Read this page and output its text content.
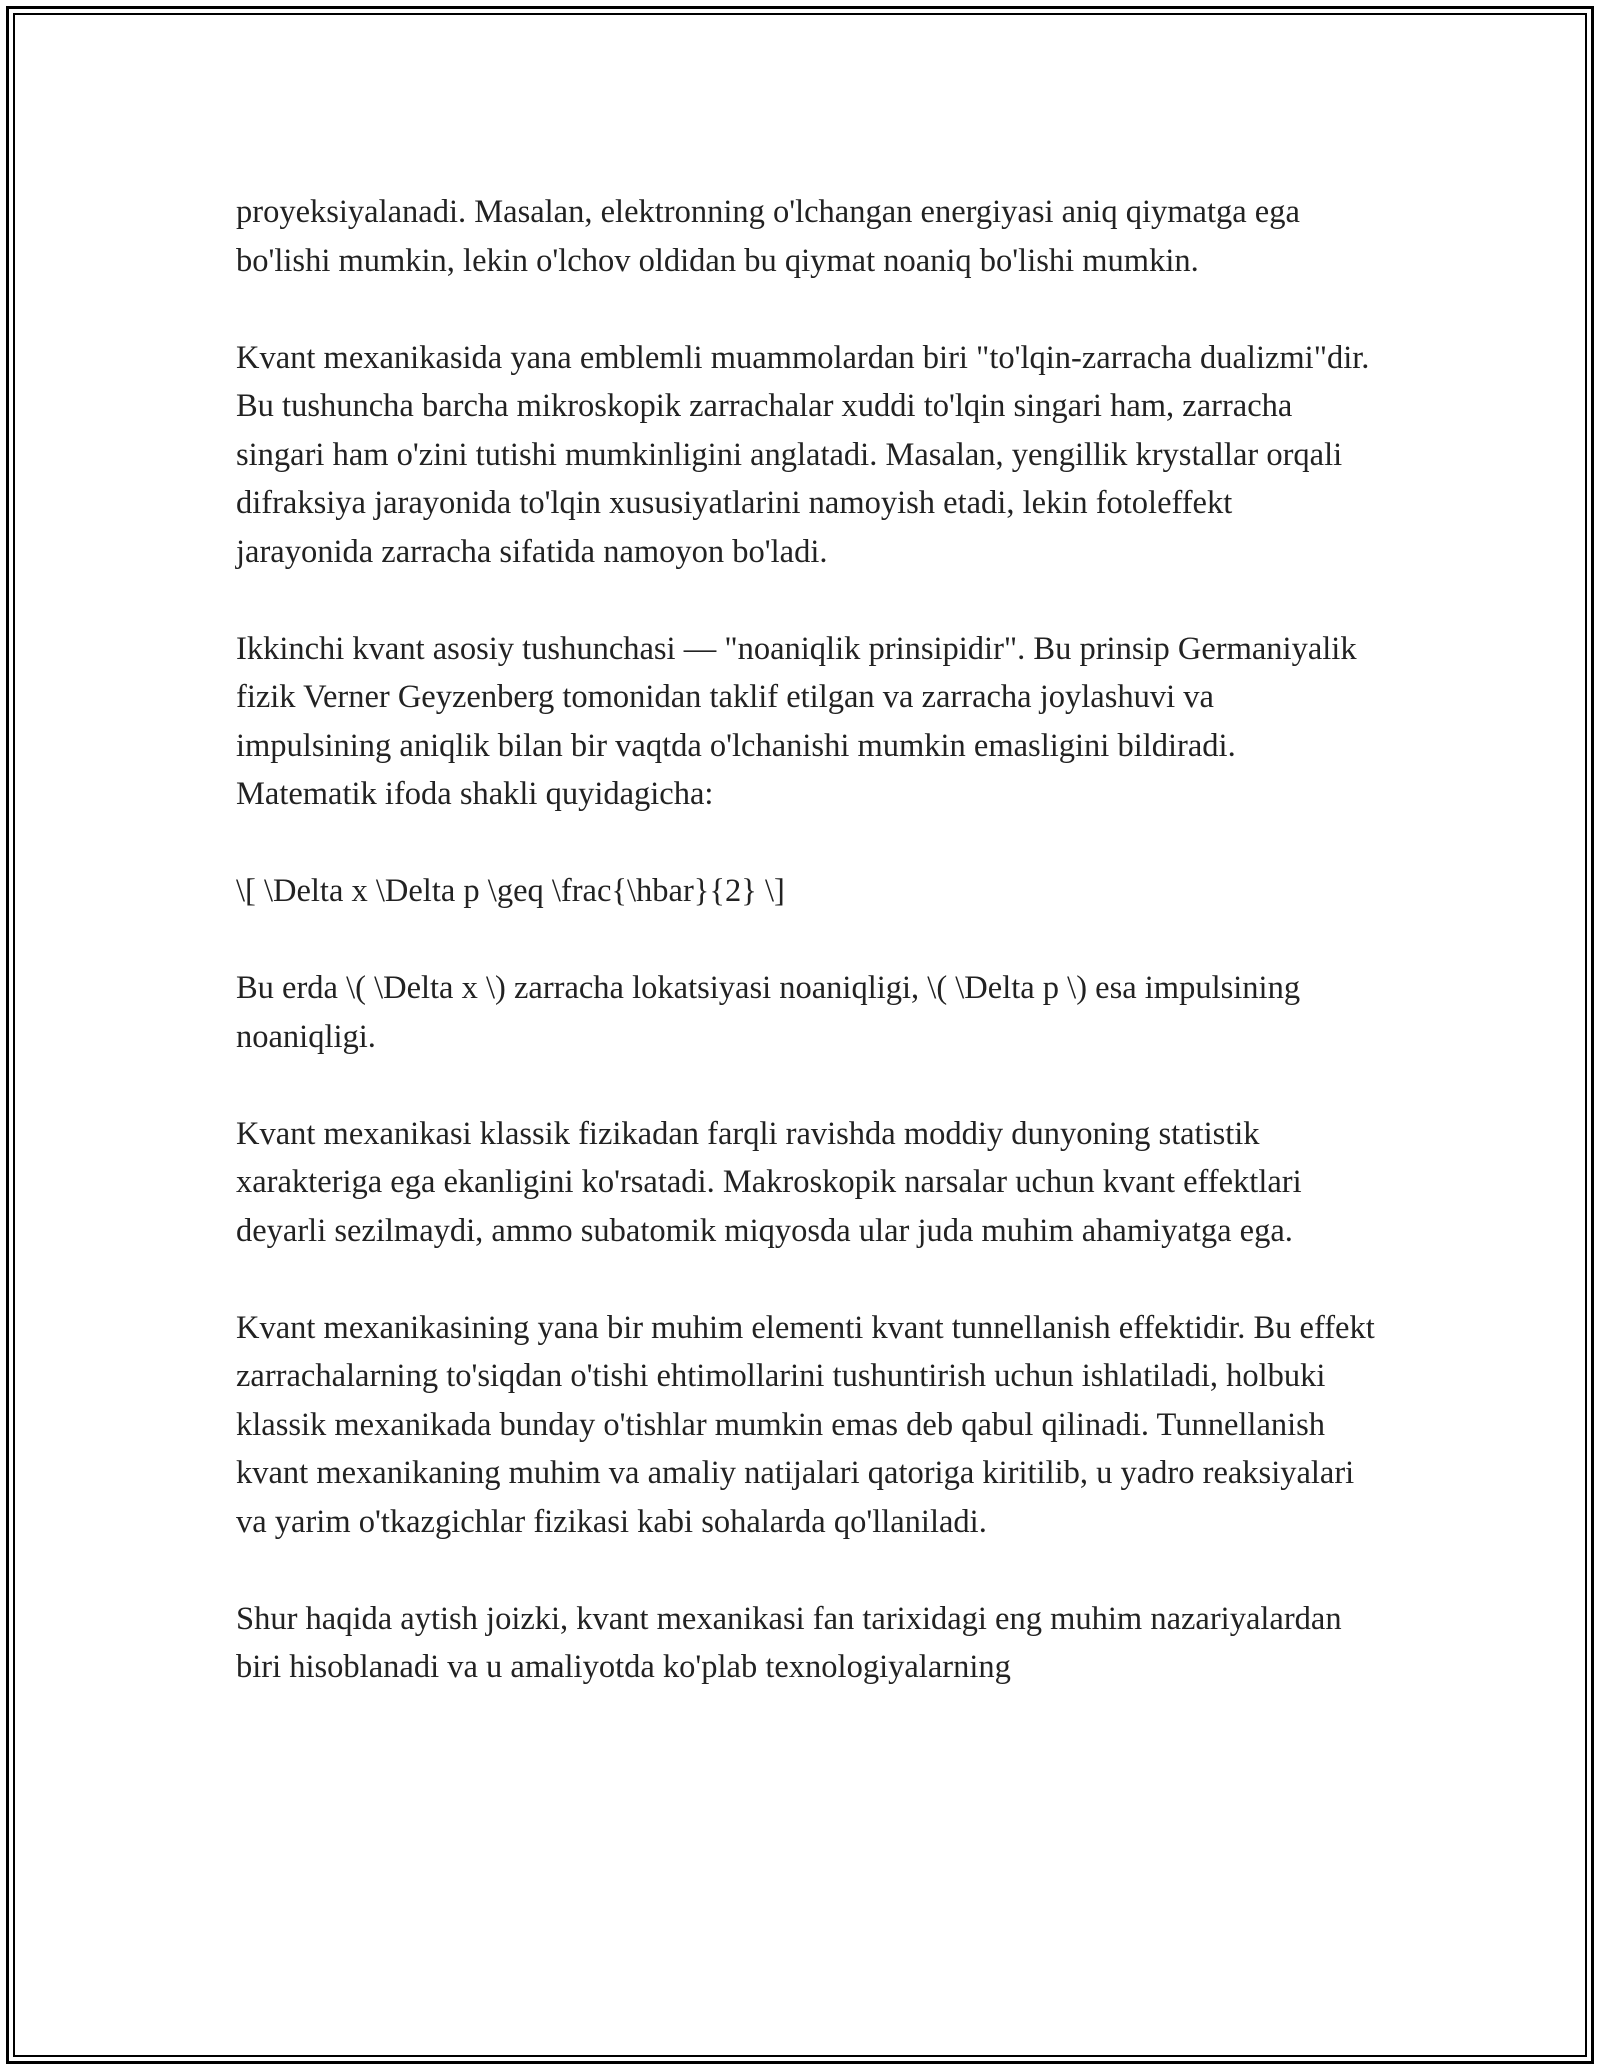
proyeksiyalanadi. Masalan, elektronning o'lchangan energiyasi aniq qiymatga ega bo'lishi mumkin, lekin o'lchov oldidan bu qiymat noaniq bo'lishi mumkin.

Kvant mexanikasida yana emblemli muammolardan biri "to'lqin-zarracha dualizmi"dir. Bu tushuncha barcha mikroskopik zarrachalar xuddi to'lqin singari ham, zarracha singari ham o'zini tutishi mumkinligini anglatadi. Masalan, yengillik krystallar orqali difraksiya jarayonida to'lqin xususiyatlarini namoyish etadi, lekin fotoleffekt jarayonida zarracha sifatida namoyon bo'ladi.

Ikkinchi kvant asosiy tushunchasi — "noaniqlik prinsipidir". Bu prinsip Germaniyalik fizik Verner Geyzenberg tomonidan taklif etilgan va zarracha joylashuvi va impulsining aniqlik bilan bir vaqtda o'lchanishi mumkin emasligini bildiradi. Matematik ifoda shakli quyidagicha:

\[ \Delta x \Delta p \geq \frac{\hbar}{2} \]

Bu erda \( \Delta x \) zarracha lokatsiyasi noaniqligi, \( \Delta p \) esa impulsining noaniqligi.

Kvant mexanikasi klassik fizikadan farqli ravishda moddiy dunyoning statistik xarakteriga ega ekanligini ko'rsatadi. Makroskopik narsalar uchun kvant effektlari deyarli sezilmaydi, ammo subatomik miqyosda ular juda muhim ahamiyatga ega.

Kvant mexanikasining yana bir muhim elementi kvant tunnellanish effektidir. Bu effekt zarrachalarning to'siqdan o'tishi ehtimollarini tushuntirish uchun ishlatiladi, holbuki klassik mexanikada bunday o'tishlar mumkin emas deb qabul qilinadi. Tunnellanish kvant mexanikaning muhim va amaliy natijalari qatoriga kiritilib, u yadro reaksiyalari va yarim o'tkazgichlar fizikasi kabi sohalarda qo'llaniladi.

Shur haqida aytish joizki, kvant mexanikasi fan tarixidagi eng muhim nazariyalardan biri hisoblanadi va u amaliyotda ko'plab texnologiyalarning
